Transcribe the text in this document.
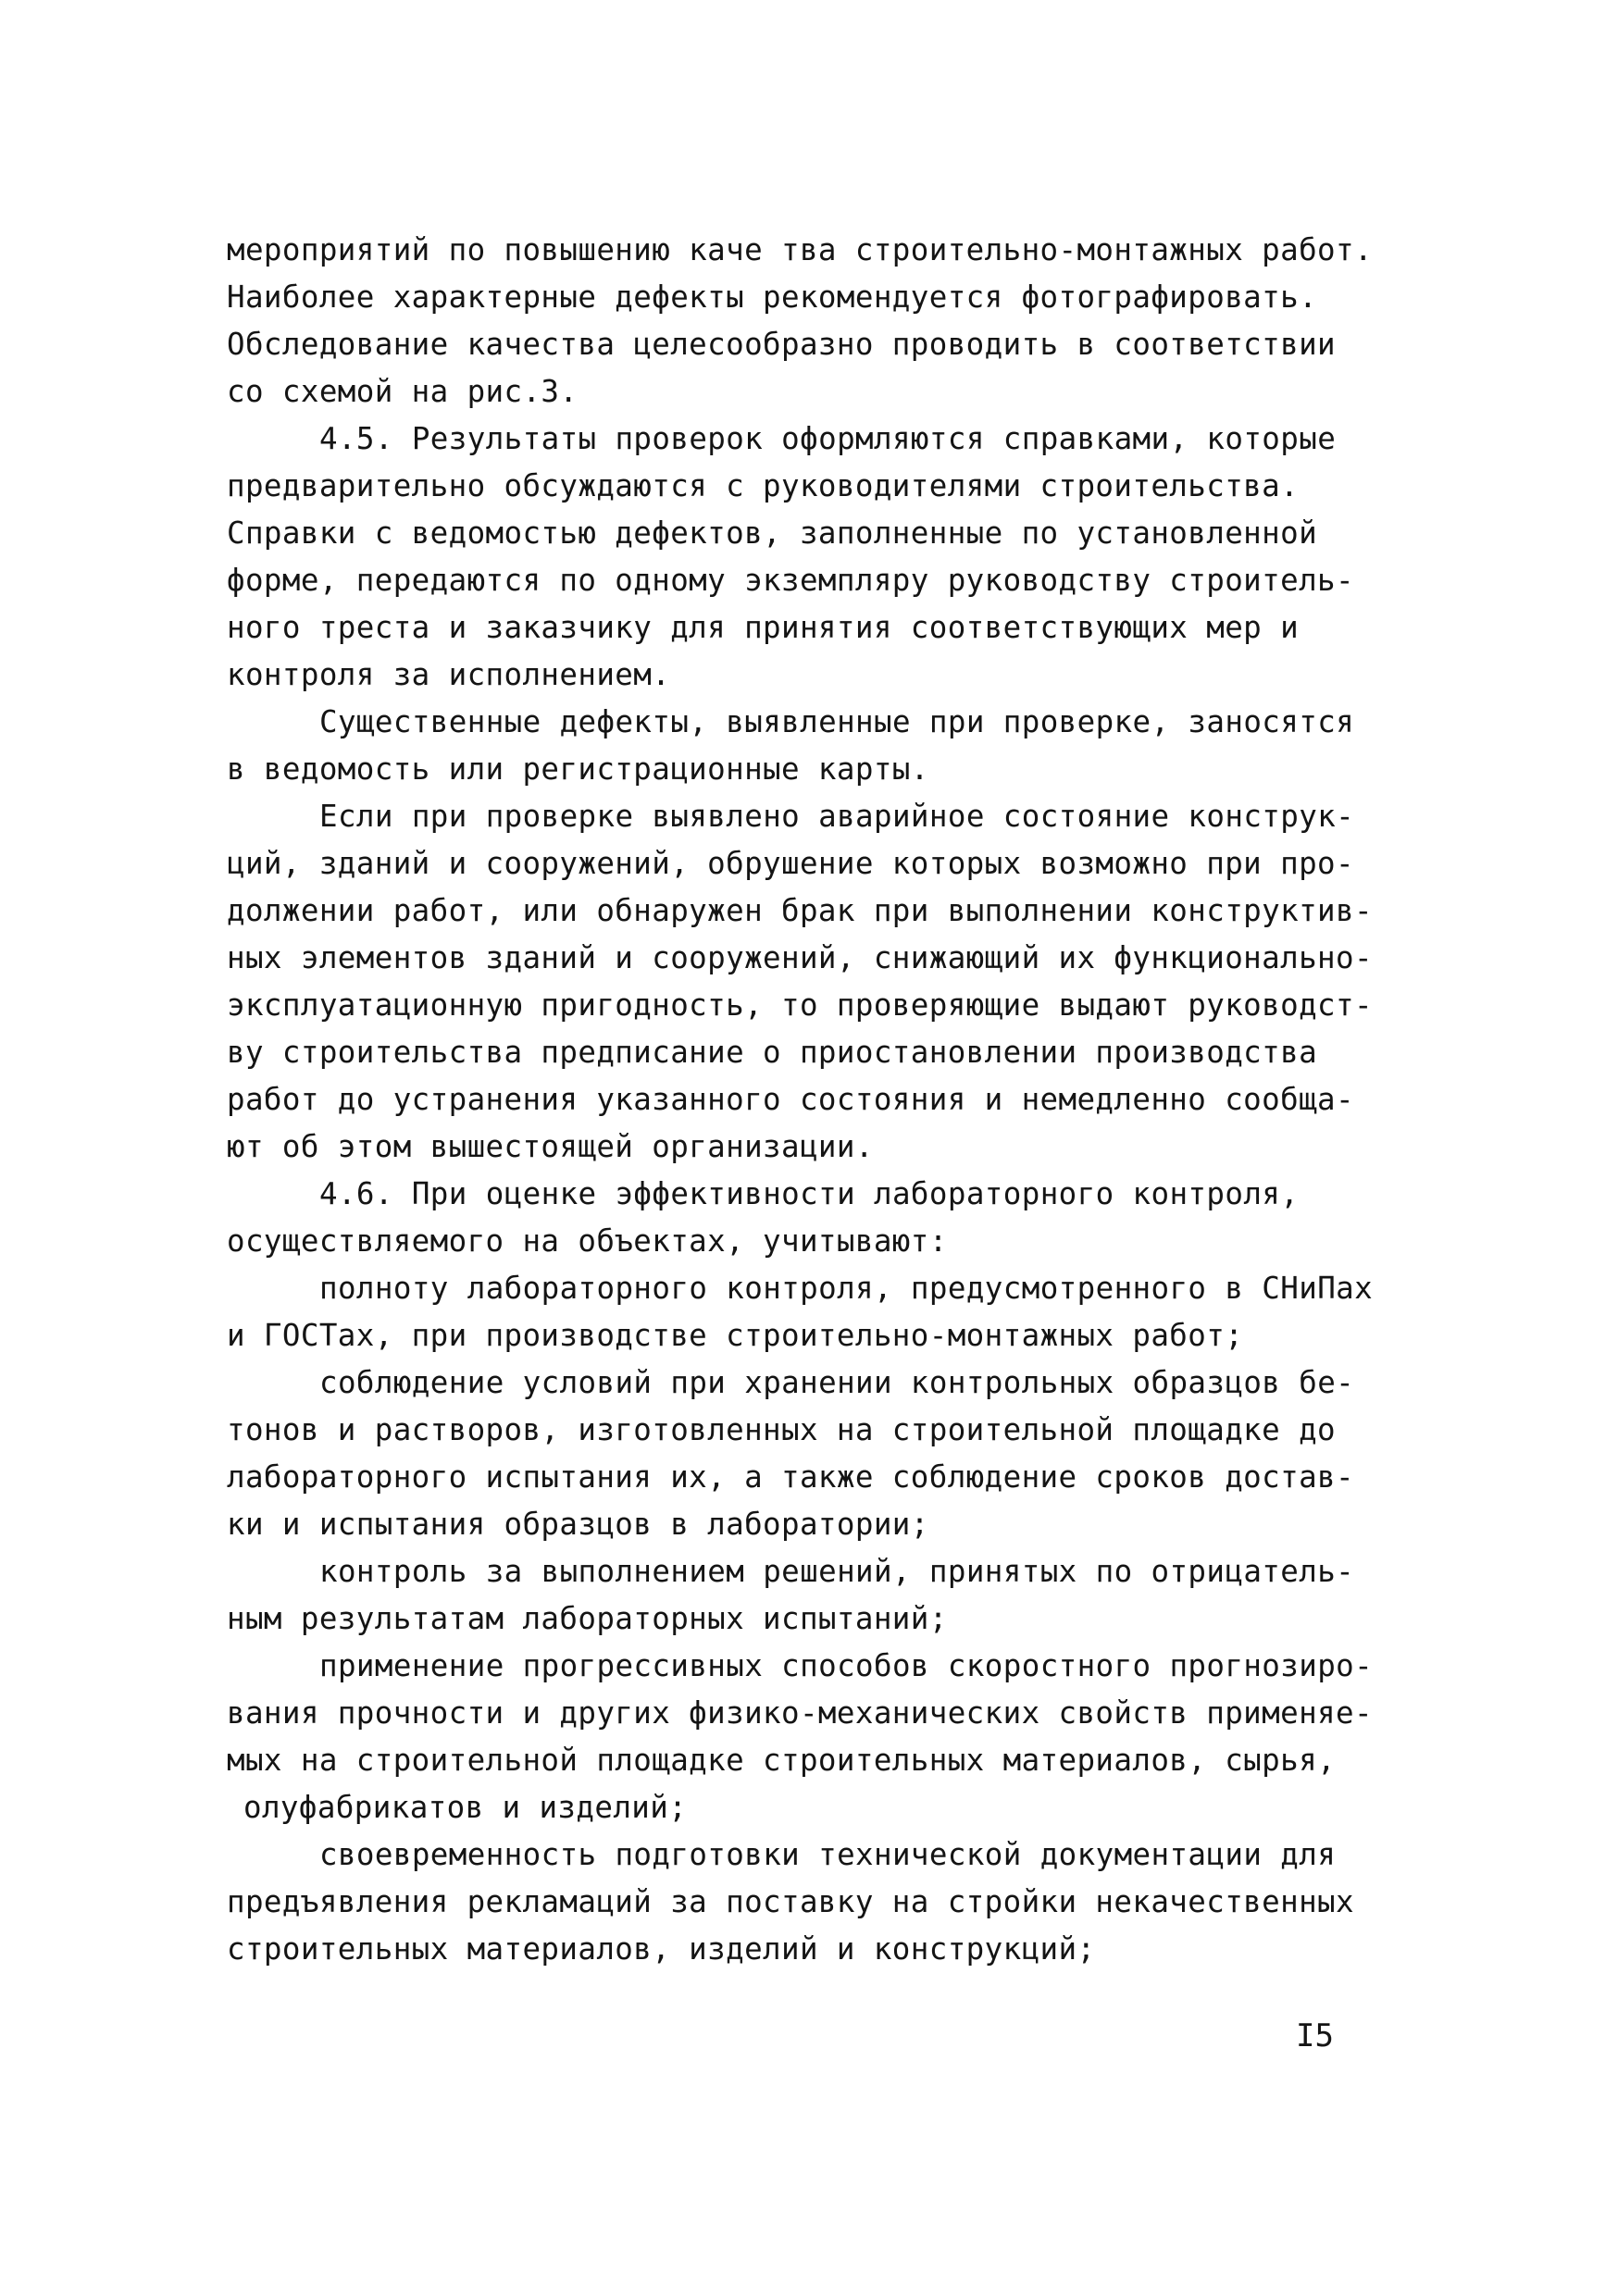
мероприятий по повышению каче тва строительно-монтажных работ.
Наиболее характерные дефекты рекомендуется фотографировать.
Обследование качества целесообразно проводить в соответствии
со схемой на рис.3.
4.5. Результаты проверок оформляются справками, которые
предварительно обсуждаются с руководителями строительства.
Справки с ведомостью дефектов, заполненные по установленной
форме, передаются по одному экземпляру руководству строитель-
ного треста и заказчику для принятия соответствующих мер и
контроля за исполнением.
Существенные дефекты, выявленные при проверке, заносятся
в ведомость или регистрационные карты.
Если при проверке выявлено аварийное состояние конструк-
ций, зданий и сооружений, обрушение которых возможно при про-
должении работ, или обнаружен брак при выполнении конструктив-
ных элементов зданий и сооружений, снижающий их функционально-
эксплуатационную пригодность, то проверяющие выдают руководст-
ву строительства предписание о приостановлении производства
работ до устранения указанного состояния и немедленно сообща-
ют об этом вышестоящей организации.
4.6. При оценке эффективности лабораторного контроля,
осуществляемого на объектах, учитывают:
полноту лабораторного контроля, предусмотренного в СНиПах
и ГОСТах, при производстве строительно-монтажных работ;
соблюдение условий при хранении контрольных образцов бе-
тонов и растворов, изготовленных на строительной площадке до
лабораторного испытания их, а также соблюдение сроков достав-
ки и испытания образцов в лаборатории;
контроль за выполнением решений, принятых по отрицатель-
ным результатам лабораторных испытаний;
применение прогрессивных способов скоростного прогнозиро-
вания прочности и других физико-механических свойств применяе-
мых на строительной площадке строительных материалов, сырья,
олуфабрикатов и изделий;
своевременность подготовки технической документации для
предъявления рекламаций за поставку на стройки некачественных
строительных материалов, изделий и конструкций;
I5
